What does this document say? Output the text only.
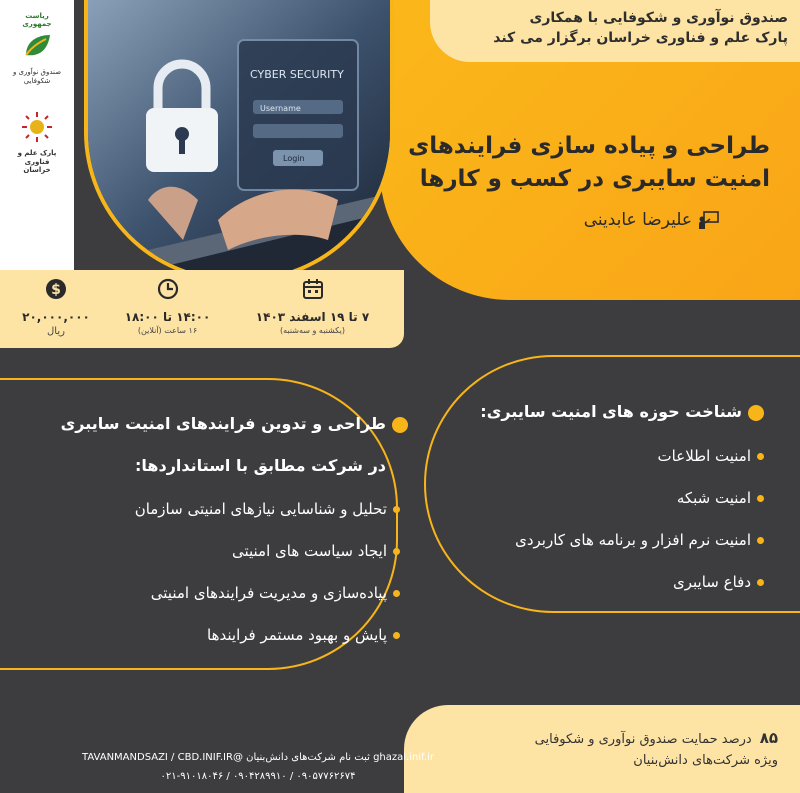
ریاست جمهوری
صندوق نوآوری و شکوفایی
پارک علم و فناوری خراسان
CYBER SECURITY
Username
Login
صندوق نوآوری و شکوفایی با همکاری
پارک علم و فناوری خراسان برگزار می کند
طراحی و پیاده سازی فرایندهای
امنیت سایبری در کسب و کارها
علیرضا عابدینی
۷ تا ۱۹ اسفند ۱۴۰۳
(یکشنبه و سه‌شنبه)
۱۴:۰۰ تا ۱۸:۰۰
۱۶ ساعت (آنلاین)
$
۲۰,۰۰۰,۰۰۰
ریال
شناخت حوزه های امنیت سایبری:
امنیت اطلاعات
امنیت شبکه
امنیت نرم افزار و برنامه های کاربردی
دفاع سایبری
طراحی و تدوین فرایندهای امنیت سایبری
در شرکت مطابق با استانداردها:
تحلیل و شناسایی نیازهای امنیتی سازمان
ایجاد سیاست های امنیتی
پیاده‌سازی و مدیریت فرایندهای امنیتی
پایش و بهبود مستمر فرایندها
۸۵درصد حمایت صندوق نوآوری و شکوفایی
ویژه شرکت‌های دانش‌بنیان
ghazal.inif.ir ثبت نام شرکت‌های دانش‌بنیان @TAVANMANDSAZI / CBD.INIF.IR
۰۹۰۵۷۷۶۲۶۷۴ / ۰۹۰۴۲۸۹۹۱۰ / ۰۲۱-۹۱۰۱۸۰۴۶
